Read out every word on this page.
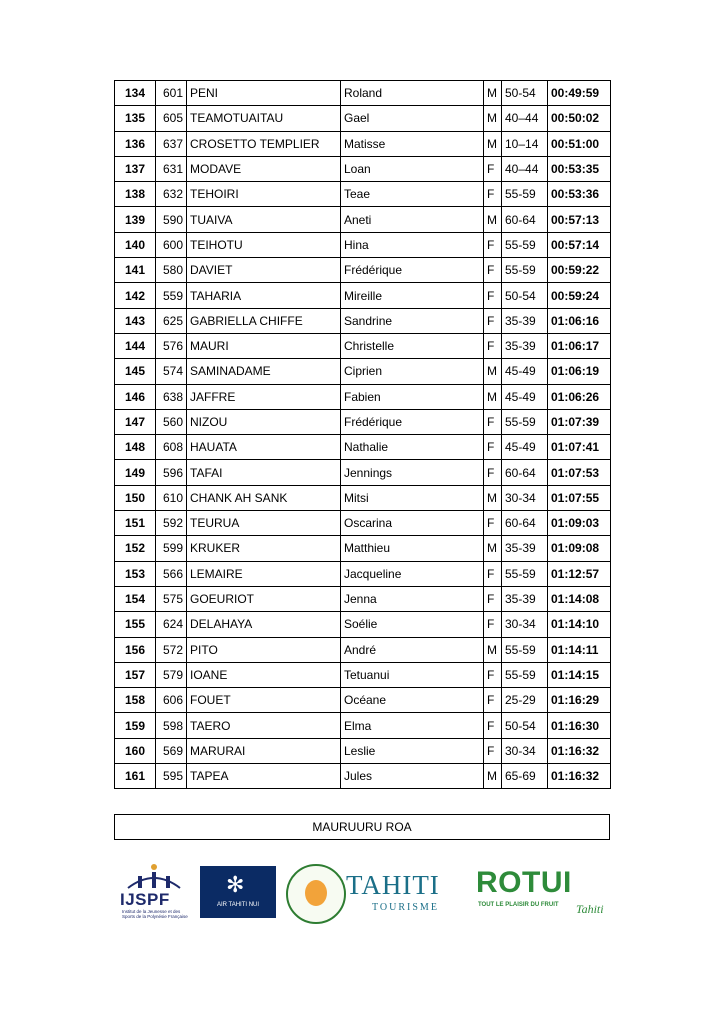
134	601	PENI	Roland	M	50-54	00:49:59
135	605	TEAMOTUAITAU	Gael	M	40–44	00:50:02
136	637	CROSETTO TEMPLIER	Matisse	M	10–14	00:51:00
137	631	MODAVE	Loan	F	40–44	00:53:35
138	632	TEHOIRI	Teae	F	55-59	00:53:36
139	590	TUAIVA	Aneti	M	60-64	00:57:13
140	600	TEIHOTU	Hina	F	55-59	00:57:14
141	580	DAVIET	Frédérique	F	55-59	00:59:22
142	559	TAHARIA	Mireille	F	50-54	00:59:24
143	625	GABRIELLA CHIFFE	Sandrine	F	35-39	01:06:16
144	576	MAURI	Christelle	F	35-39	01:06:17
145	574	SAMINADAME	Ciprien	M	45-49	01:06:19
146	638	JAFFRE	Fabien	M	45-49	01:06:26
147	560	NIZOU	Frédérique	F	55-59	01:07:39
148	608	HAUATA	Nathalie	F	45-49	01:07:41
149	596	TAFAI	Jennings	F	60-64	01:07:53
150	610	CHANK AH SANK	Mitsi	M	30-34	01:07:55
151	592	TEURUA	Oscarina	F	60-64	01:09:03
152	599	KRUKER	Matthieu	M	35-39	01:09:08
153	566	LEMAIRE	Jacqueline	F	55-59	01:12:57
154	575	GOEURIOT	Jenna	F	35-39	01:14:08
155	624	DELAHAYA	Soélie	F	30-34	01:14:10
156	572	PITO	André	M	55-59	01:14:11
157	579	IOANE	Tetuanui	F	55-59	01:14:15
158	606	FOUET	Océane	F	25-29	01:16:29
159	598	TAERO	Elma	F	50-54	01:16:30
160	569	MARURAI	Leslie	F	30-34	01:16:32
161	595	TAPEA	Jules	M	65-69	01:16:32
MAURUURU ROA
IJSPF
Institut de la Jeunesse et des Sports de la Polynésie Française
✻
AIR TAHITI NUI
TAHITI
TOURISME
ROTUI
TOUT LE PLAISIR DU FRUIT Tahiti
